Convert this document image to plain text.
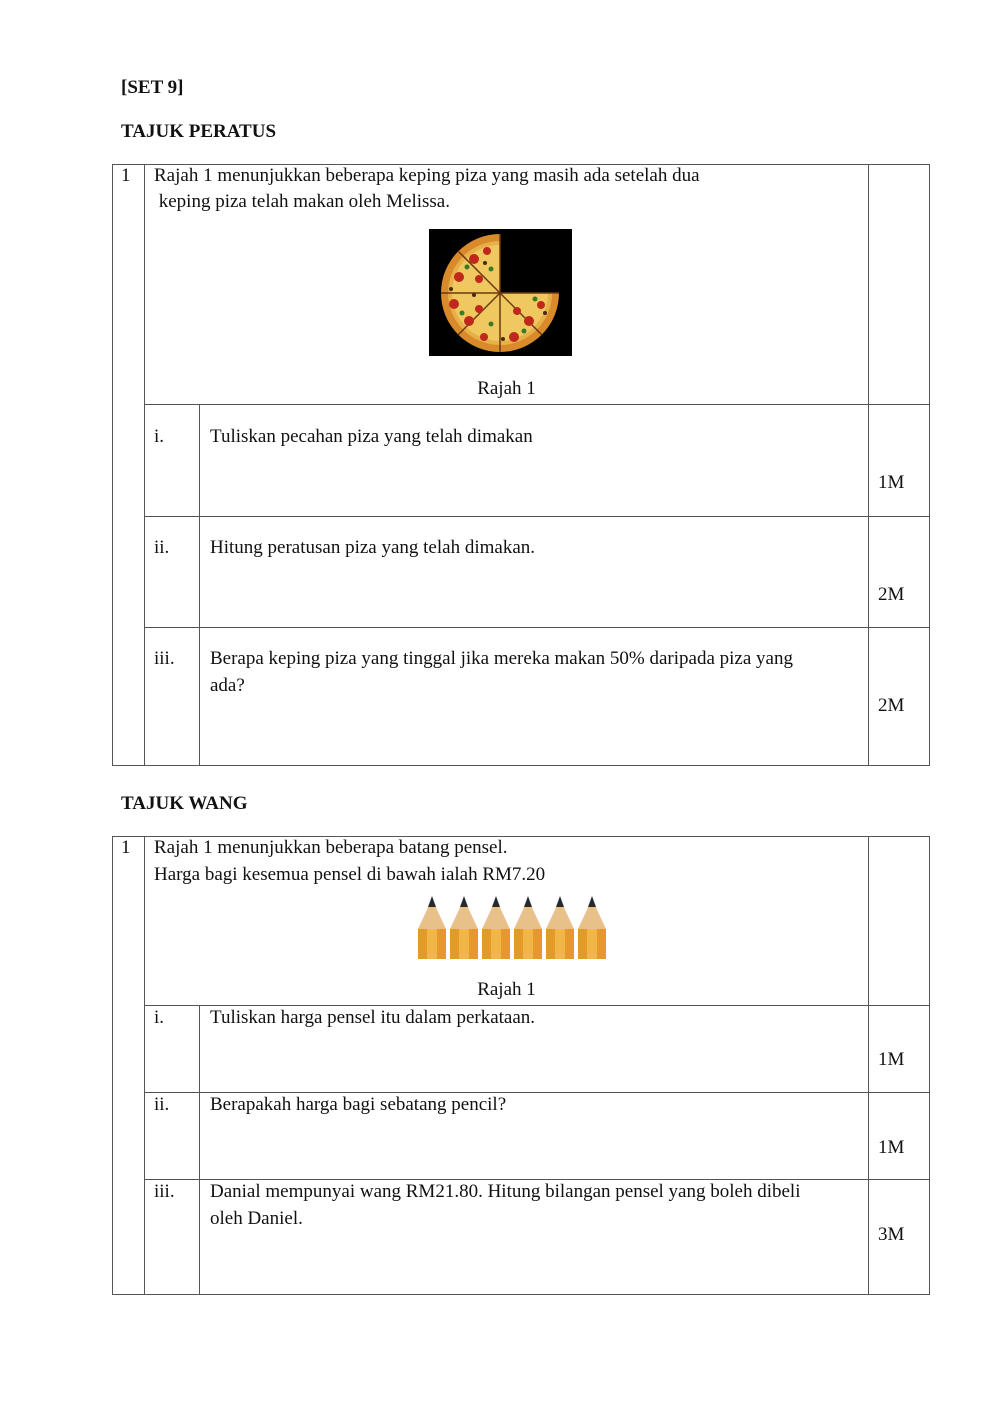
[SET 9]
TAJUK PERATUS
1 Rajah 1 menunjukkan beberapa keping piza yang masih ada setelah dua
keping piza telah makan oleh Melissa.
Rajah 1
i. Tuliskan pecahan piza yang telah dimakan
1M
ii. Hitung peratusan piza yang telah dimakan.
2M
iii. Berapa keping piza yang tinggal jika mereka makan 50% daripada piza yang
ada?
2M
TAJUK WANG
1 Rajah 1 menunjukkan beberapa batang pensel.
Harga bagi kesemua pensel di bawah ialah RM7.20
Rajah 1
i. Tuliskan harga pensel itu dalam perkataan.
1M
ii. Berapakah harga bagi sebatang pencil?
1M
iii. Danial mempunyai wang RM21.80. Hitung bilangan pensel yang boleh dibeli
oleh Daniel.
3M
